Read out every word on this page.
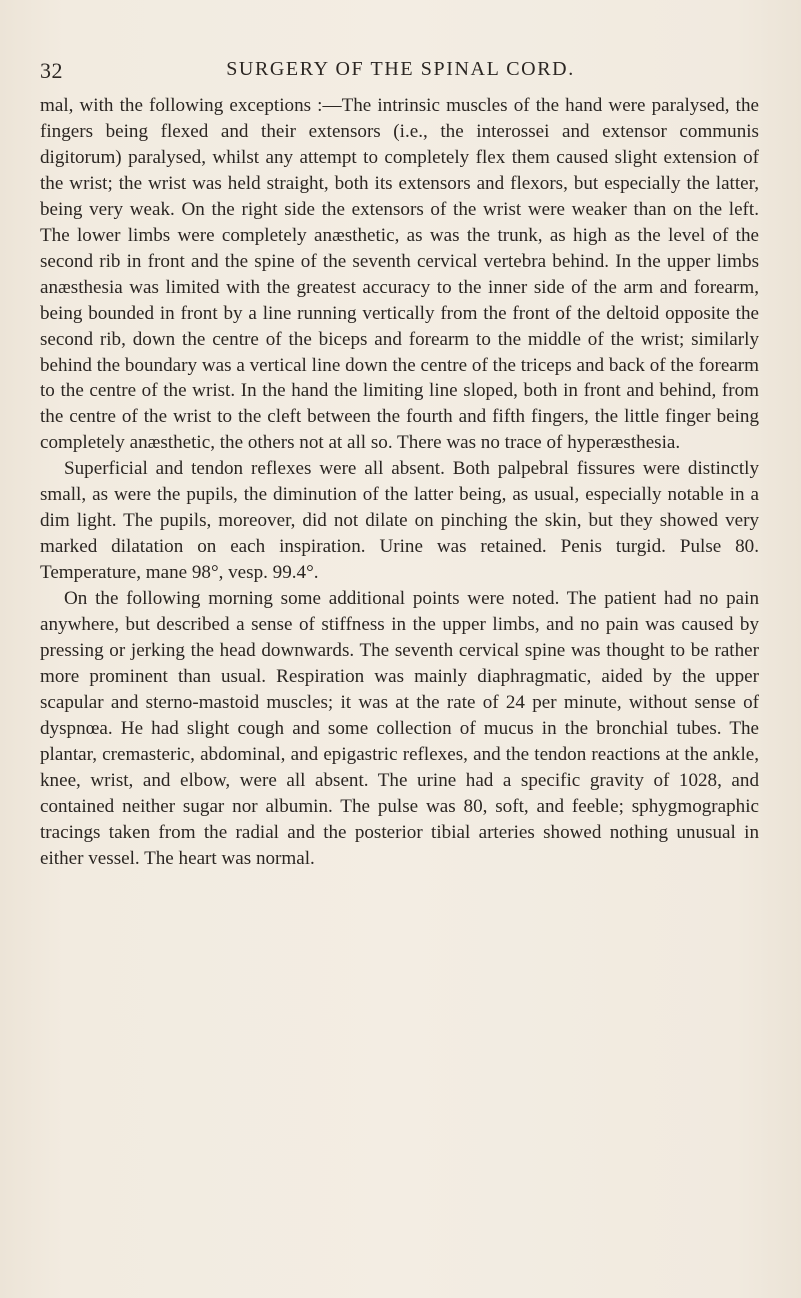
32	SURGERY OF THE SPINAL CORD.

mal, with the following exceptions :—The intrinsic muscles of the hand were paralysed, the fingers being flexed and their extensors (i.e., the interossei and extensor communis digitorum) paralysed, whilst any attempt to completely flex them caused slight extension of the wrist; the wrist was held straight, both its extensors and flexors, but especially the latter, being very weak. On the right side the extensors of the wrist were weaker than on the left. The lower limbs were completely anæsthetic, as was the trunk, as high as the level of the second rib in front and the spine of the seventh cervical vertebra behind. In the upper limbs anæsthesia was limited with the greatest accuracy to the inner side of the arm and forearm, being bounded in front by a line running vertically from the front of the deltoid opposite the second rib, down the centre of the biceps and forearm to the middle of the wrist; similarly behind the boundary was a vertical line down the centre of the triceps and back of the forearm to the centre of the wrist. In the hand the limiting line sloped, both in front and behind, from the centre of the wrist to the cleft between the fourth and fifth fingers, the little finger being completely anæsthetic, the others not at all so. There was no trace of hyperæsthesia.

Superficial and tendon reflexes were all absent. Both palpebral fissures were distinctly small, as were the pupils, the diminution of the latter being, as usual, especially notable in a dim light. The pupils, moreover, did not dilate on pinching the skin, but they showed very marked dilatation on each inspiration. Urine was retained. Penis turgid. Pulse 80. Temperature, mane 98°, vesp. 99.4°.

On the following morning some additional points were noted. The patient had no pain anywhere, but described a sense of stiffness in the upper limbs, and no pain was caused by pressing or jerking the head downwards. The seventh cervical spine was thought to be rather more prominent than usual. Respiration was mainly diaphragmatic, aided by the upper scapular and sterno-mastoid muscles; it was at the rate of 24 per minute, without sense of dyspnœa. He had slight cough and some collection of mucus in the bronchial tubes. The plantar, cremasteric, abdominal, and epigastric reflexes, and the tendon reactions at the ankle, knee, wrist, and elbow, were all absent. The urine had a specific gravity of 1028, and contained neither sugar nor albumin. The pulse was 80, soft, and feeble; sphygmographic tracings taken from the radial and the posterior tibial arteries showed nothing unusual in either vessel. The heart was normal.
